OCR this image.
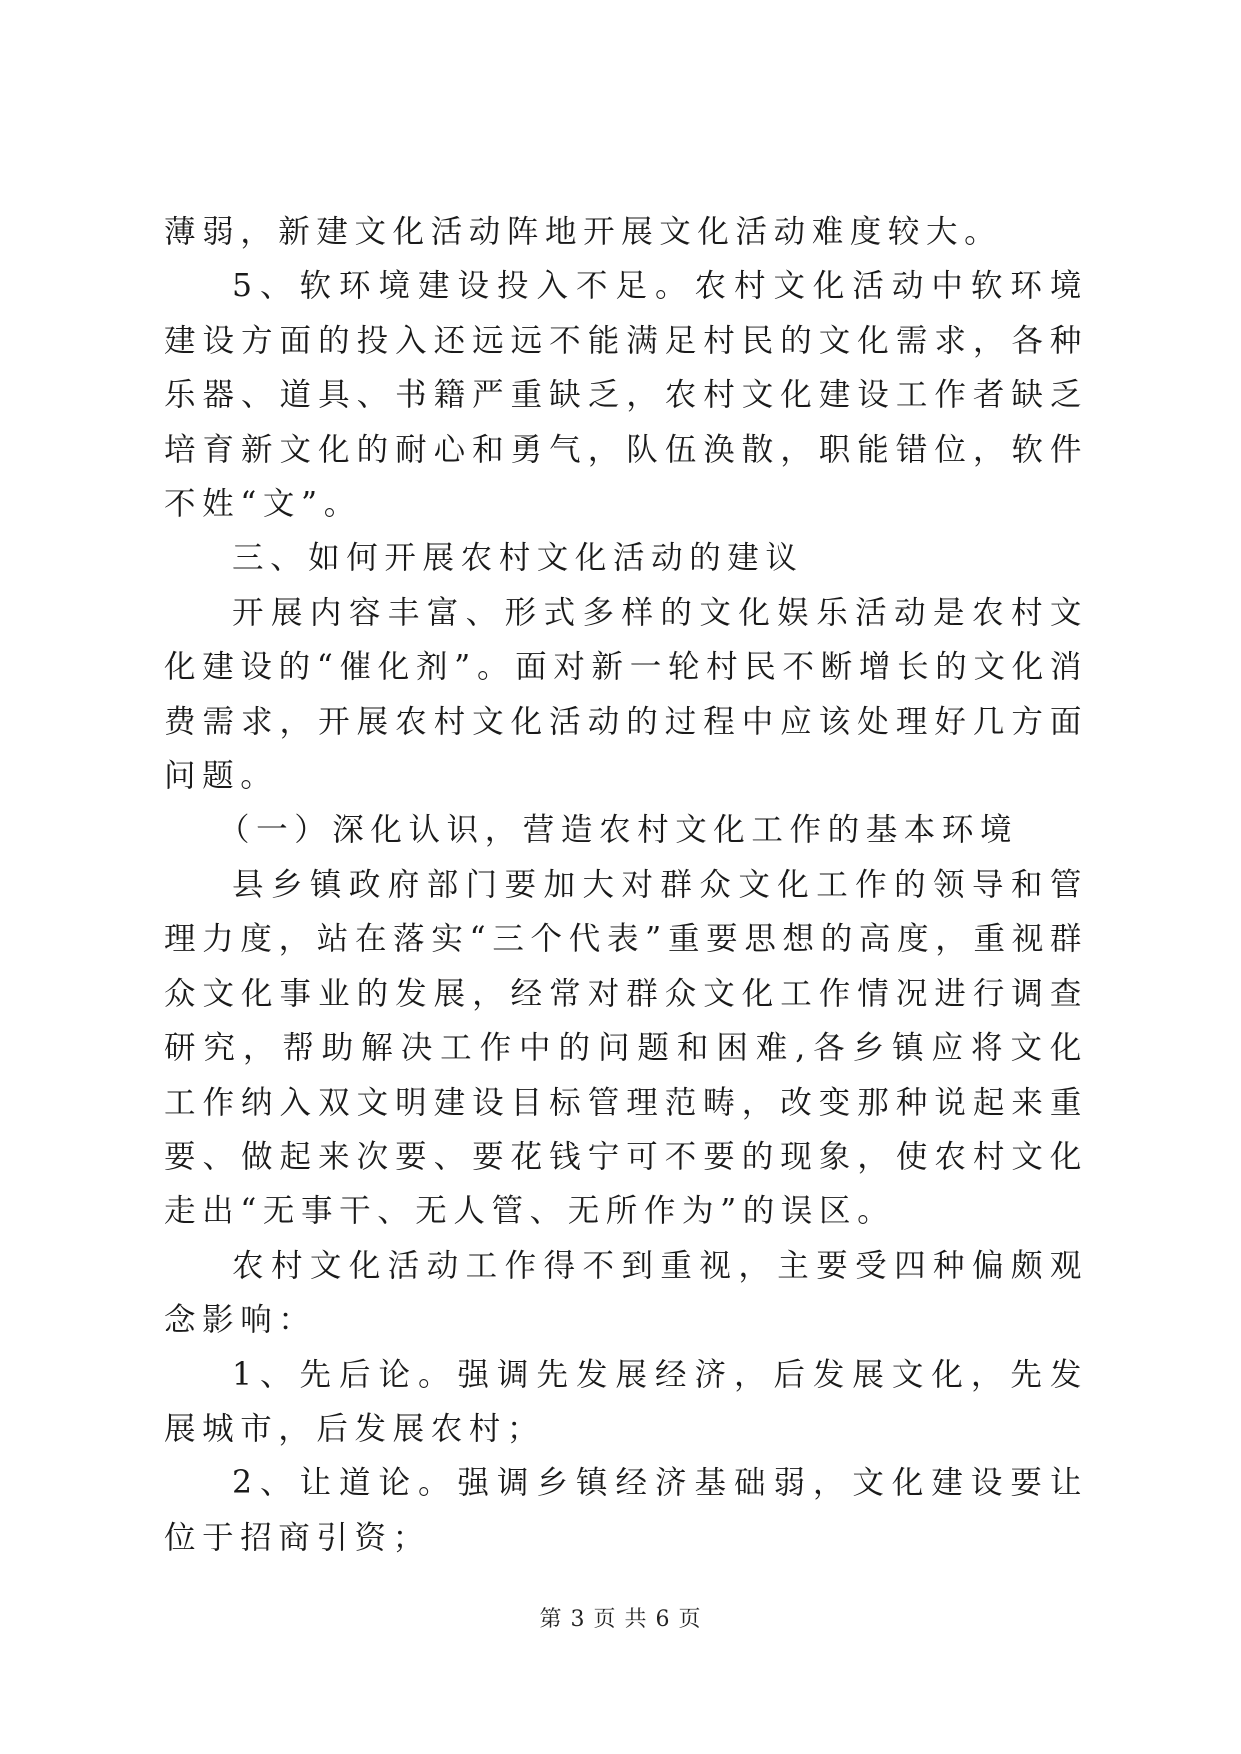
薄弱，新建文化活动阵地开展文化活动难度较大。

5、软环境建设投入不足。农村文化活动中软环境建设方面的投入还远远不能满足村民的文化需求，各种乐器、道具、书籍严重缺乏，农村文化建设工作者缺乏培育新文化的耐心和勇气，队伍涣散，职能错位，软件不姓“文”。

三、如何开展农村文化活动的建议

开展内容丰富、形式多样的文化娱乐活动是农村文化建设的“催化剂”。面对新一轮村民不断增长的文化消费需求，开展农村文化活动的过程中应该处理好几方面问题。

（一）深化认识，营造农村文化工作的基本环境

县乡镇政府部门要加大对群众文化工作的领导和管理力度，站在落实“三个代表”重要思想的高度，重视群众文化事业的发展，经常对群众文化工作情况进行调查研究，帮助解决工作中的问题和困难,各乡镇应将文化工作纳入双文明建设目标管理范畴，改变那种说起来重要、做起来次要、要花钱宁可不要的现象，使农村文化走出“无事干、无人管、无所作为”的误区。

农村文化活动工作得不到重视，主要受四种偏颇观念影响：

1、先后论。强调先发展经济，后发展文化，先发展城市，后发展农村；

2、让道论。强调乡镇经济基础弱，文化建设要让位于招商引资；

第 3 页 共 6 页
